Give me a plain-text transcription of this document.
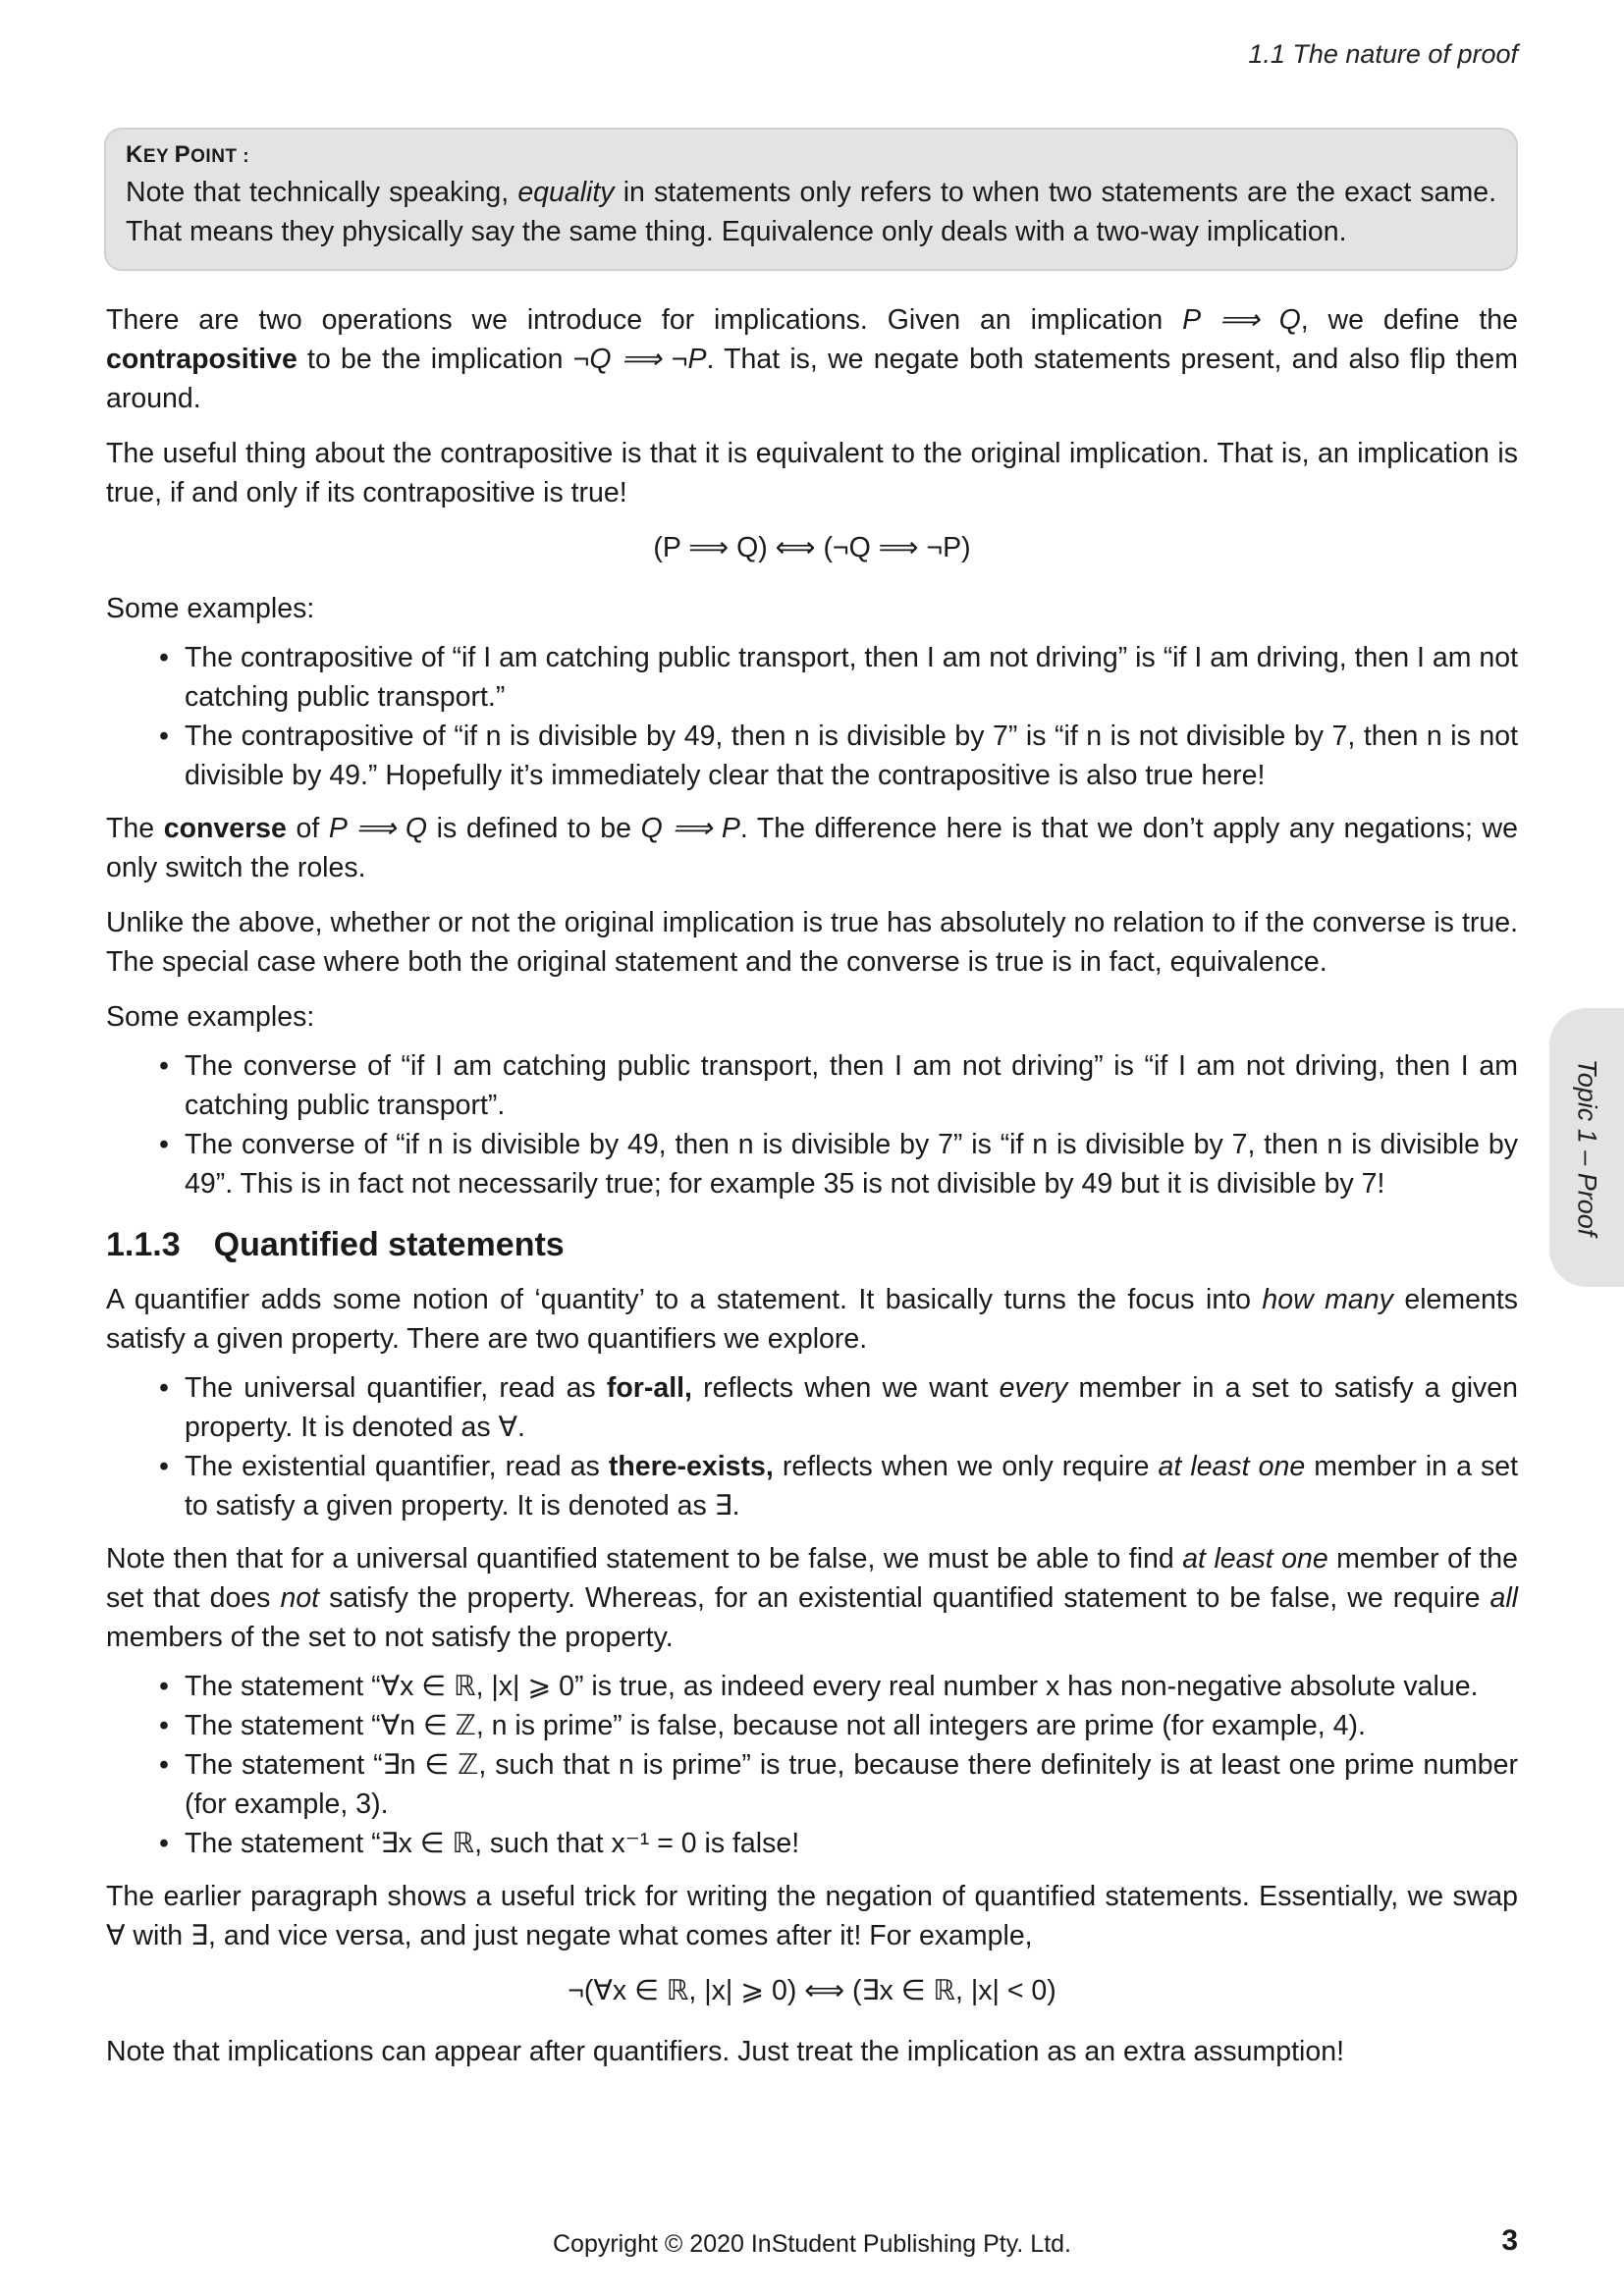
1.1 The nature of proof
KEY POINT :
Note that technically speaking, equality in statements only refers to when two statements are the exact same. That means they physically say the same thing. Equivalence only deals with a two-way implication.

There are two operations we introduce for implications. Given an implication P ⟹ Q, we define the contrapositive to be the implication ¬Q ⟹ ¬P. That is, we negate both statements present, and also flip them around.

The useful thing about the contrapositive is that it is equivalent to the original implication. That is, an implication is true, if and only if its contrapositive is true!

(P ⟹ Q) ⟺ (¬Q ⟹ ¬P)

Some examples:

• The contrapositive of “if I am catching public transport, then I am not driving” is “if I am driving, then I am not catching public transport.”
• The contrapositive of “if n is divisible by 49, then n is divisible by 7” is “if n is not divisible by 7, then n is not divisible by 49.” Hopefully it’s immediately clear that the contrapositive is also true here!

The converse of P ⟹ Q is defined to be Q ⟹ P. The difference here is that we don’t apply any negations; we only switch the roles.

Unlike the above, whether or not the original implication is true has absolutely no relation to if the converse is true. The special case where both the original statement and the converse is true is in fact, equivalence.

Some examples:

• The converse of “if I am catching public transport, then I am not driving” is “if I am not driving, then I am catching public transport”.
• The converse of “if n is divisible by 49, then n is divisible by 7” is “if n is divisible by 7, then n is divisible by 49”. This is in fact not necessarily true; for example 35 is not divisible by 49 but it is divisible by 7!
1.1.3 Quantified statements

A quantifier adds some notion of ‘quantity’ to a statement. It basically turns the focus into how many elements satisfy a given property. There are two quantifiers we explore.

• The universal quantifier, read as for-all, reflects when we want every member in a set to satisfy a given property. It is denoted as ∀.
• The existential quantifier, read as there-exists, reflects when we only require at least one member in a set to satisfy a given property. It is denoted as ∃.

Note then that for a universal quantified statement to be false, we must be able to find at least one member of the set that does not satisfy the property. Whereas, for an existential quantified statement to be false, we require all members of the set to not satisfy the property.

• The statement “∀x ∈ ℝ, |x| ⩾ 0” is true, as indeed every real number x has non-negative absolute value.
• The statement “∀n ∈ ℤ, n is prime” is false, because not all integers are prime (for example, 4).
• The statement “∃n ∈ ℤ, such that n is prime” is true, because there definitely is at least one prime number (for example, 3).
• The statement “∃x ∈ ℝ, such that x⁻¹ = 0 is false!

The earlier paragraph shows a useful trick for writing the negation of quantified statements. Essentially, we swap ∀ with ∃, and vice versa, and just negate what comes after it! For example,

¬(∀x ∈ ℝ, |x| ⩾ 0) ⟺ (∃x ∈ ℝ, |x| < 0)

Note that implications can appear after quantifiers. Just treat the implication as an extra assumption!

Topic 1 – Proof
Copyright © 2020 InStudent Publishing Pty. Ltd.	3
